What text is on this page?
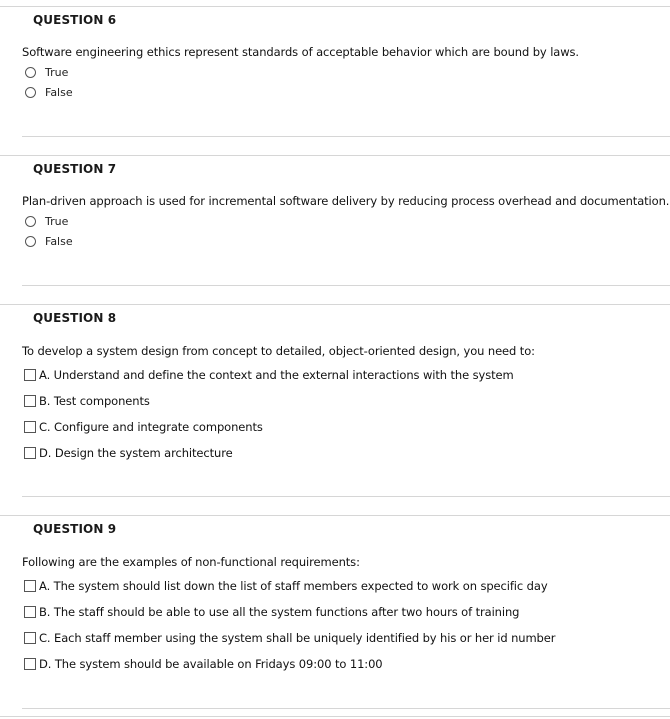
QUESTION 6
Software engineering ethics represent standards of acceptable behavior which are bound by laws.
True
False
QUESTION 7
Plan-driven approach is used for incremental software delivery by reducing process overhead and documentation.
True
False
QUESTION 8
To develop a system design from concept to detailed, object-oriented design, you need to:
A. Understand and define the context and the external interactions with the system
B. Test components
C. Configure and integrate components
D. Design the system architecture
QUESTION 9
Following are the examples of non-functional requirements:
A. The system should list down the list of staff members expected to work on specific day
B. The staff should be able to use all the system functions after two hours of training
C. Each staff member using the system shall be uniquely identified by his or her id number
D. The system should be available on Fridays 09:00 to 11:00
